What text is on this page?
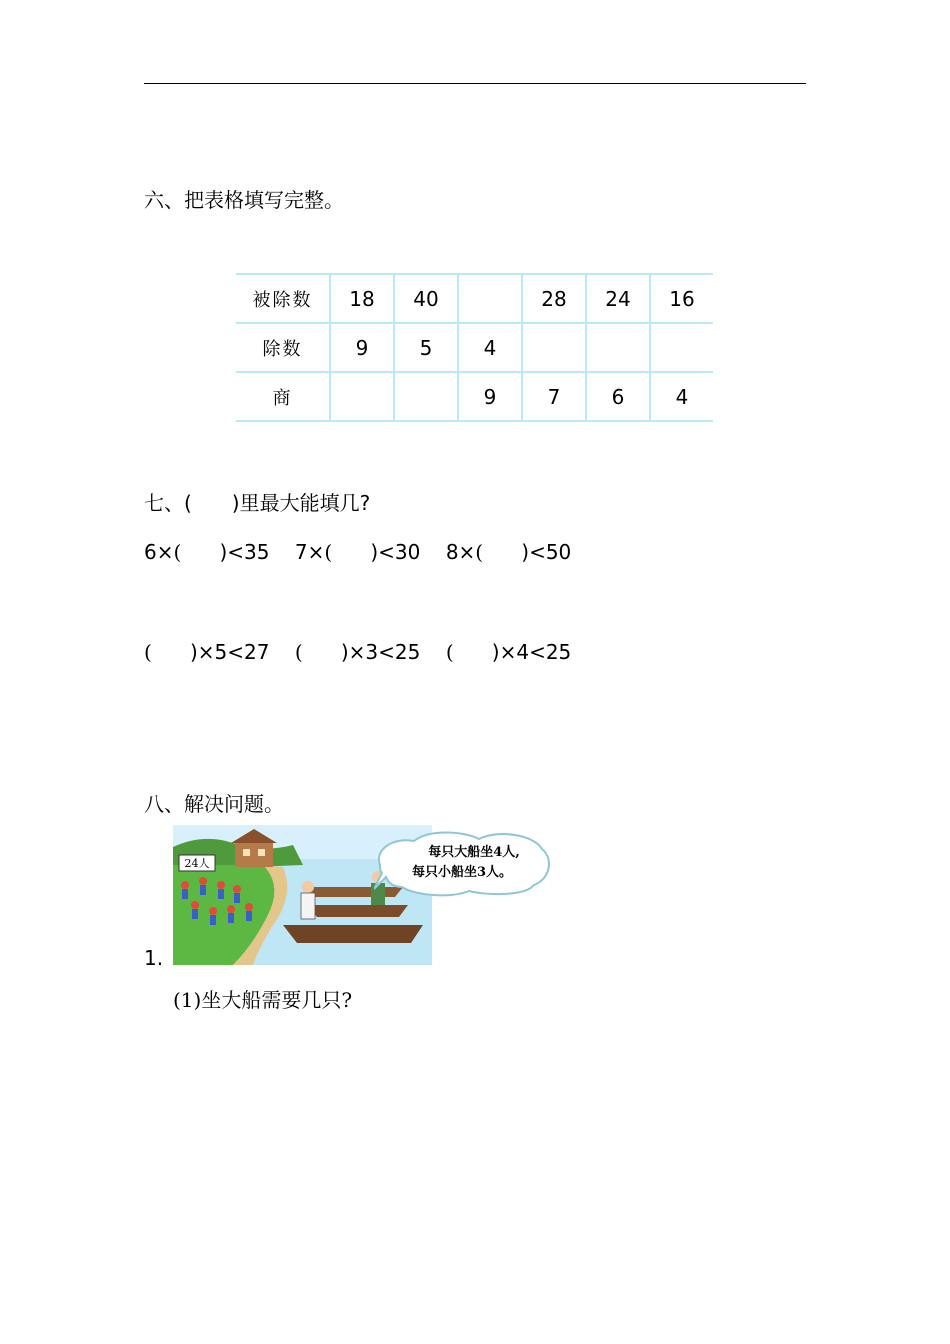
六、把表格填写完整。
被除数	18	40		28	24	16
除数	9	5	4			
商			9	7	6	4
七、(　　)里最大能填几?
6×( )<35 7×( )<30 8×( )<50
( )×5<27 ( )×3<25 ( )×4<25
八、解决问题。
1.
24人
每只大船坐4人,
每只小船坐3人。
(1)坐大船需要几只?
